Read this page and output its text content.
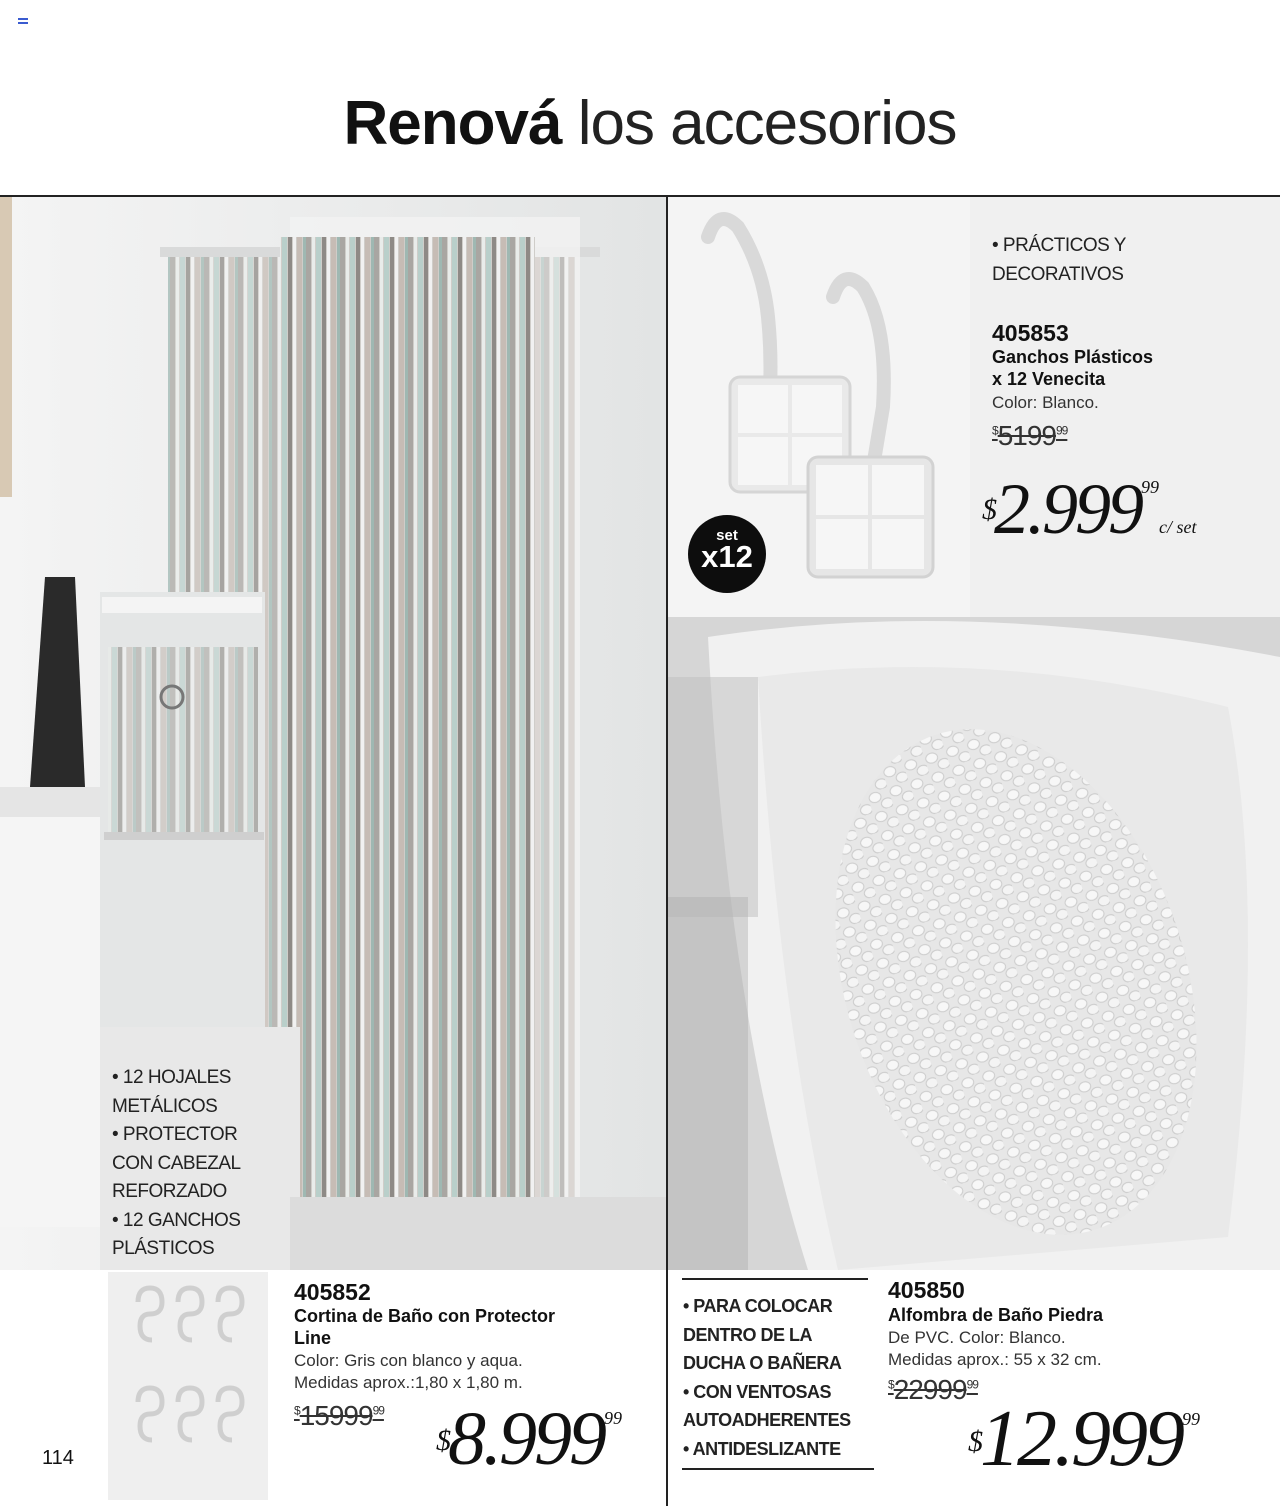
Renová los accesorios
• 12 HOJALES
METÁLICOS
• PROTECTOR
CON CABEZAL
REFORZADO
• 12 GANCHOS
PLÁSTICOS
405852
Cortina de Baño con Protector
Line
Color: Gris con blanco y aqua.
Medidas aprox.:1,80 x 1,80 m.
$15999$^{99}$
$8.999$^{99}$
114
set
x12
• PRÁCTICOS Y
DECORATIVOS
405853
Ganchos Plásticos
x 12 Venecita
Color: Blanco.
$5199$^{99}$
$2.999$^{99}$c/ set
• PARA COLOCAR
DENTRO DE LA
DUCHA O BAÑERA
• CON VENTOSAS
AUTOADHERENTES
• ANTIDESLIZANTE
405850
Alfombra de Baño Piedra
De PVC. Color: Blanco.
Medidas aprox.: 55 x 32 cm.
$22999$^{99}$
$12.999$^{99}$
